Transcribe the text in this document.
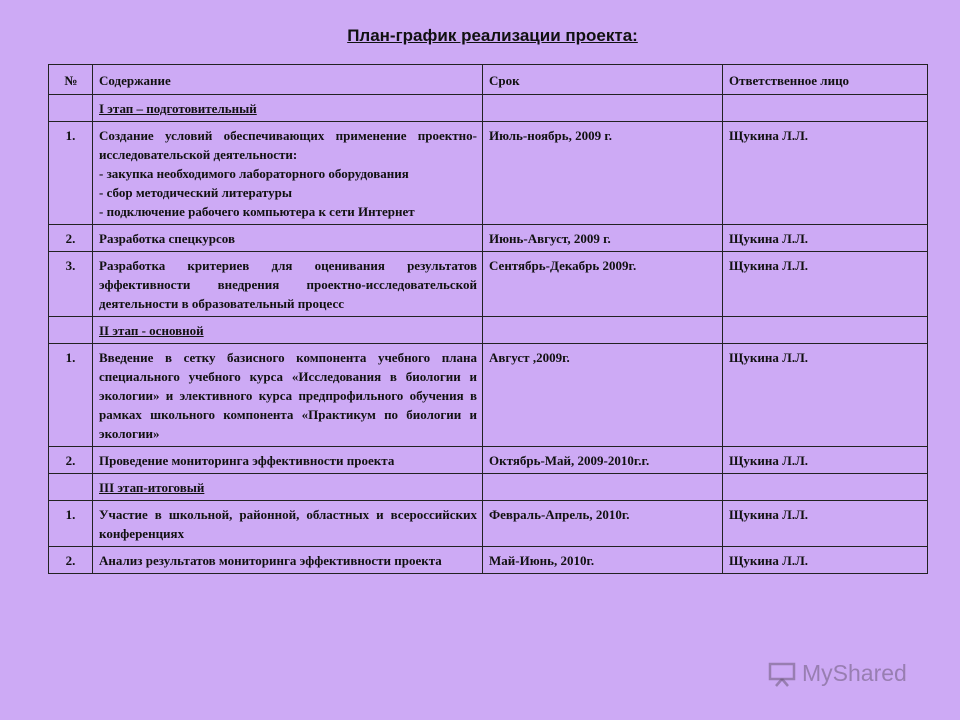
План-график реализации проекта:
№	Содержание	Срок	Ответственное лицо
	I этап – подготовительный		
1.	Создание условий обеспечивающих применение проектно-исследовательской деятельности:
- закупка необходимого лабораторного оборудования
- сбор методический литературы
- подключение рабочего компьютера к сети Интернет	Июль-ноябрь, 2009 г.	Щукина Л.Л.
2.	Разработка спецкурсов	Июнь-Август, 2009 г.	Щукина Л.Л.
3.	Разработка критериев для оценивания результатов эффективности внедрения проектно-исследовательской деятельности в образовательный процесс	Сентябрь-Декабрь 2009г.	Щукина Л.Л.
	II этап - основной		
1.	Введение в сетку базисного компонента учебного плана специального учебного курса «Исследования в биологии и экологии» и элективного курса предпрофильного обучения в рамках школьного компонента «Практикум по биологии и экологии»	Август ,2009г.	Щукина Л.Л.
2.	Проведение мониторинга эффективности проекта	Октябрь-Май, 2009-2010г.г.	Щукина Л.Л.
	III этап-итоговый		
1.	Участие в школьной, районной, областных и всероссийских конференциях	Февраль-Апрель, 2010г.	Щукина Л.Л.
2.	Анализ результатов мониторинга эффективности проекта	Май-Июнь, 2010г.	Щукина Л.Л.
MyShared
